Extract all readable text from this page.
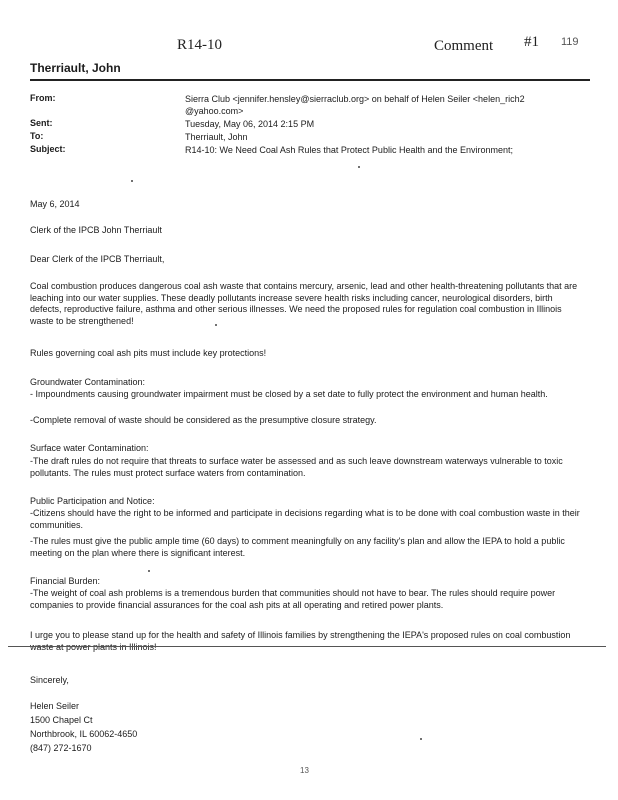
R14-10	Comment #1 119
Therriault, John
From:	Sierra Club <jennifer.hensley@sierraclub.org> on behalf of Helen Seiler <helen_rich2 @yahoo.com>
Sent:	Tuesday, May 06, 2014 2:15 PM
To:	Therriault, John
Subject:	R14-10: We Need Coal Ash Rules that Protect Public Health and the Environment;
May 6, 2014
Clerk of the IPCB John Therriault
Dear Clerk of the IPCB Therriault,
Coal combustion produces dangerous coal ash waste that contains mercury, arsenic, lead and other health-threatening pollutants that are leaching into our water supplies. These deadly pollutants increase severe health risks including cancer, neurological disorders, birth defects, reproductive failure, asthma and other serious illnesses. We need the proposed rules for regulation coal combustion in Illinois waste to be strengthened!
Rules governing coal ash pits must include key protections!
Groundwater Contamination:
- Impoundments causing groundwater impairment must be closed by a set date to fully protect the environment and human health.
-Complete removal of waste should be considered as the presumptive closure strategy.
Surface water Contamination:
-The draft rules do not require that threats to surface water be assessed and as such leave downstream waterways vulnerable to toxic pollutants. The rules must protect surface waters from contamination.
Public Participation and Notice:
-Citizens should have the right to be informed and participate in decisions regarding what is to be done with coal combustion waste in their communities.
-The rules must give the public ample time (60 days) to comment meaningfully on any facility's plan and allow the IEPA to hold a public meeting on the plan where there is significant interest.
Financial Burden:
-The weight of coal ash problems is a tremendous burden that communities should not have to bear. The rules should require power companies to provide financial assurances for the coal ash pits at all operating and retired power plants.
I urge you to please stand up for the health and safety of Illinois families by strengthening the IEPA's proposed rules on coal combustion
Sincerely,
Helen Seiler
1500 Chapel Ct
Northbrook, IL 60062-4650
(847) 272-1670
13
